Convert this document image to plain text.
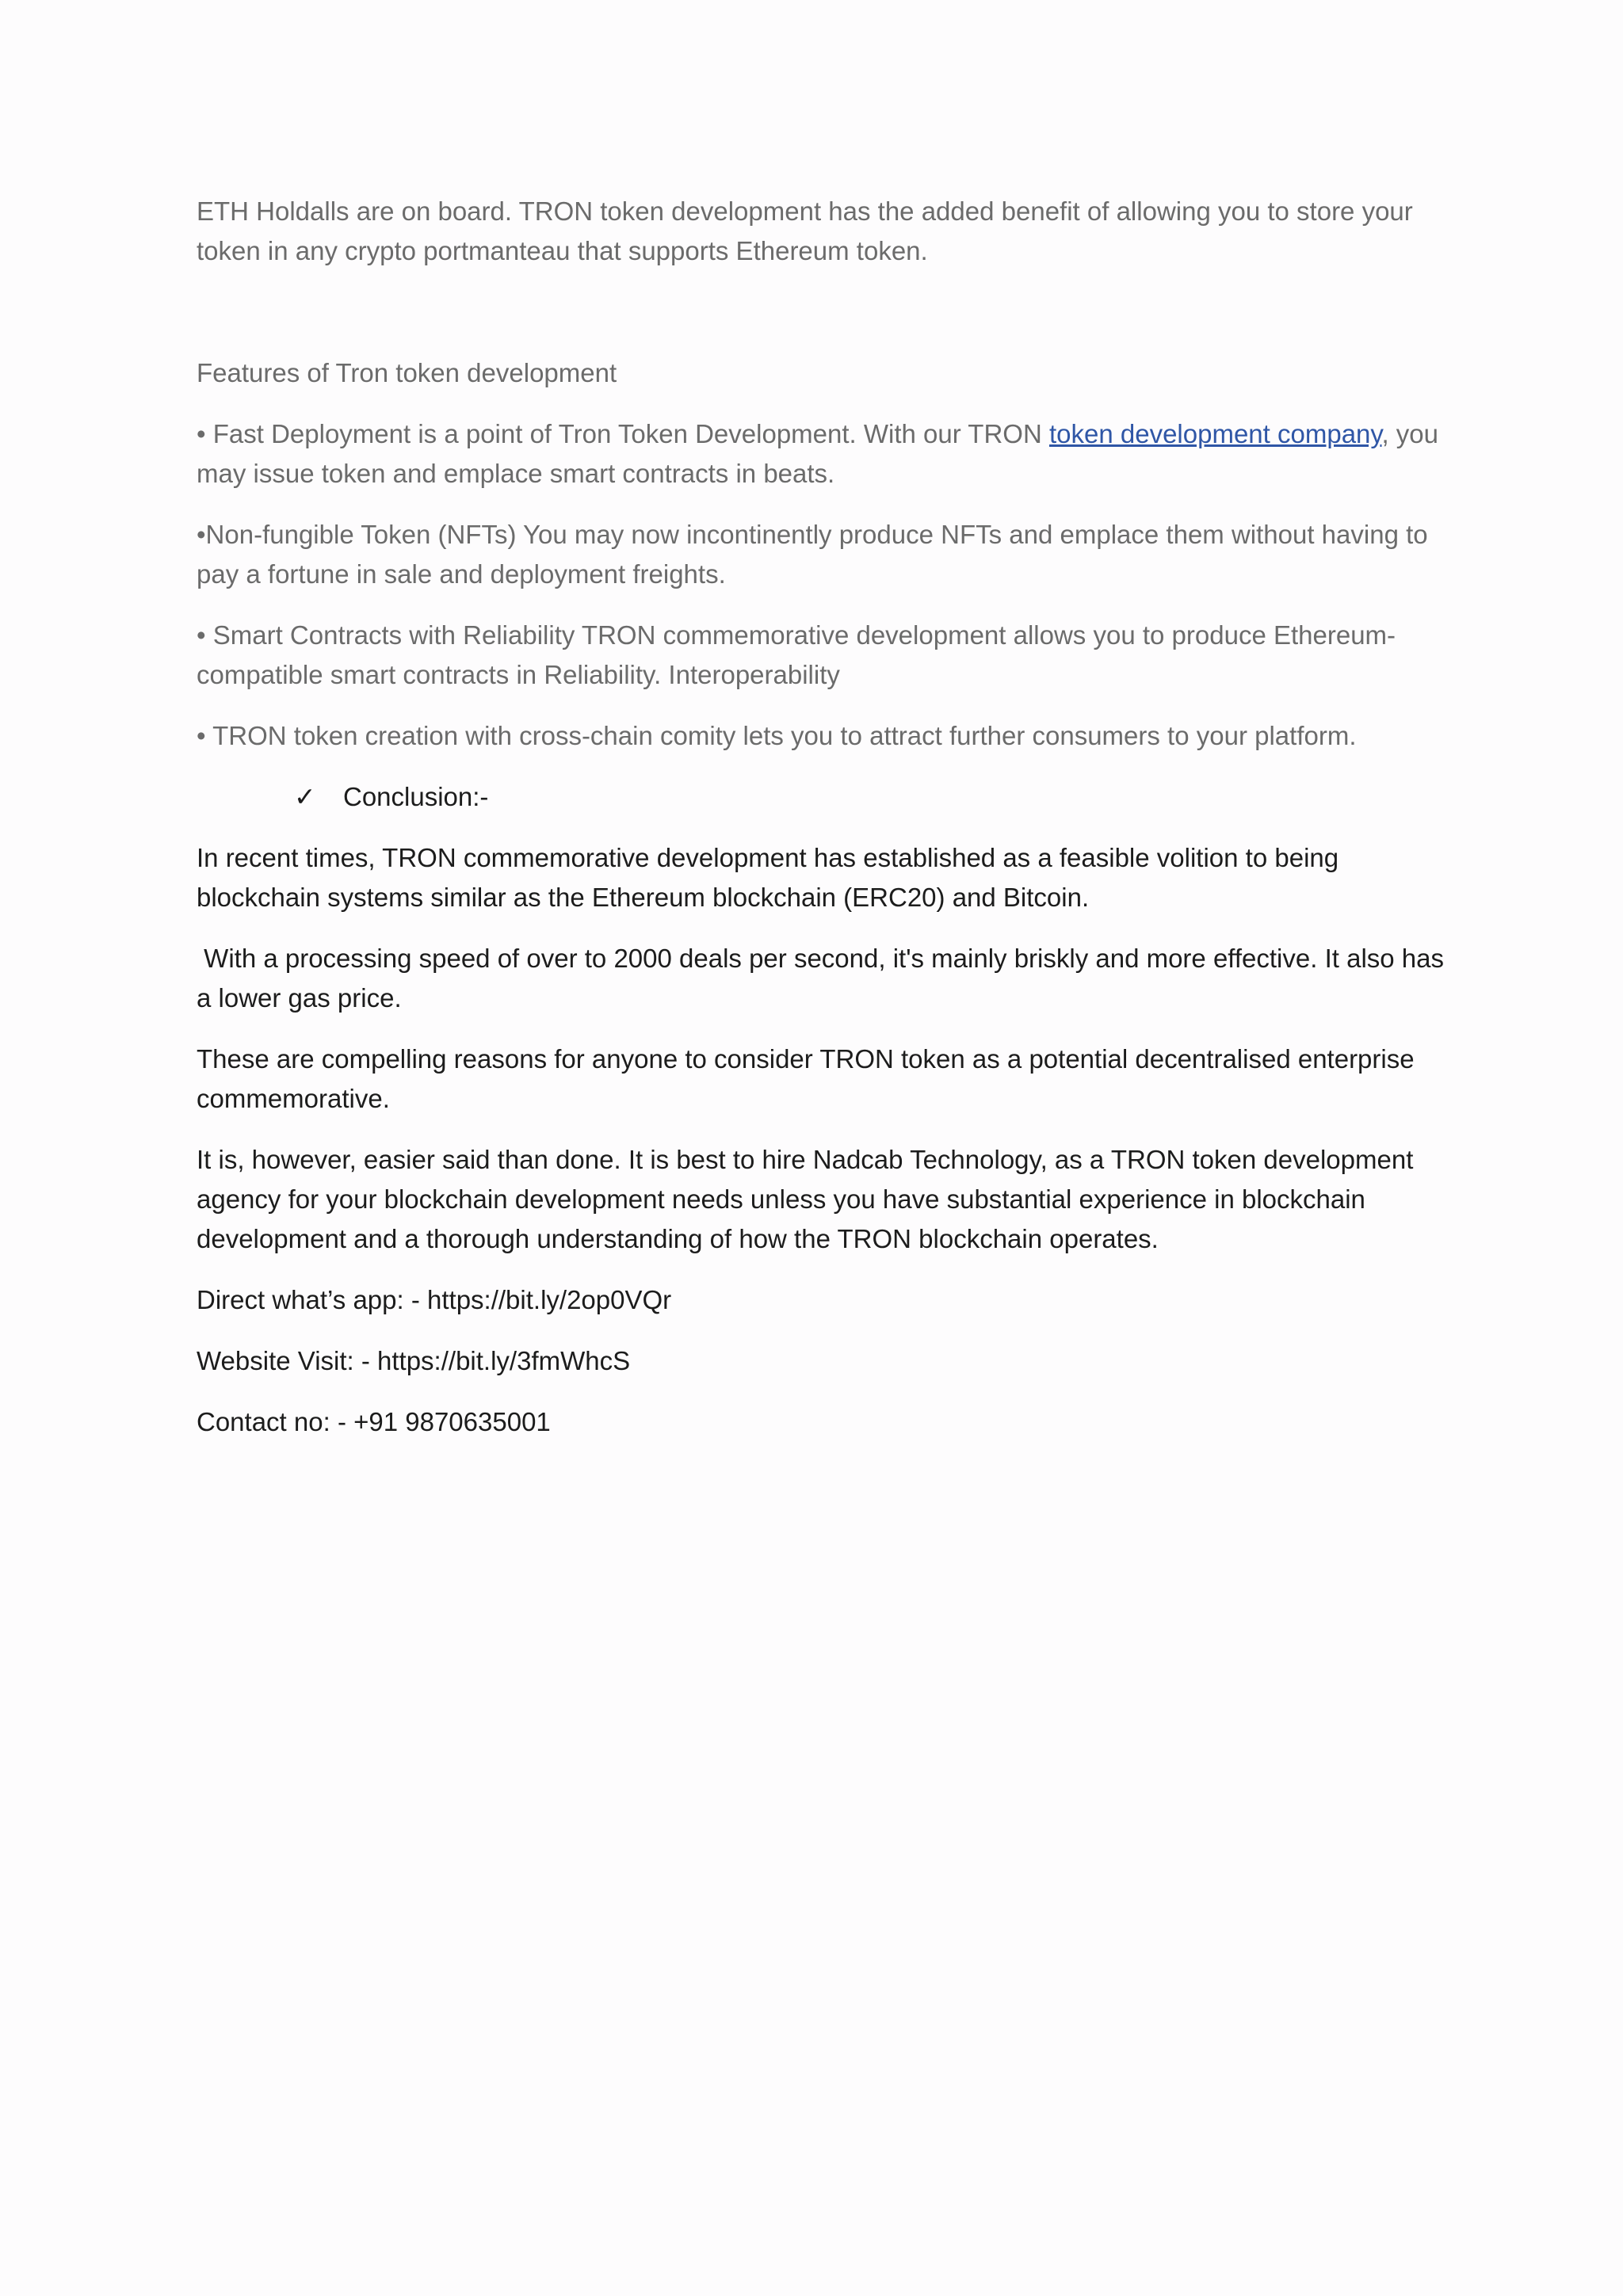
ETH Holdalls are on board. TRON token development has the added benefit of allowing you to store your token in any crypto portmanteau that supports Ethereum token.

Features of Tron token development

• Fast Deployment is a point of Tron Token Development. With our TRON token development company, you may issue token and emplace smart contracts in beats.

•Non-fungible Token (NFTs) You may now incontinently produce NFTs and emplace them without having to pay a fortune in sale and deployment freights.

• Smart Contracts with Reliability TRON commemorative development allows you to produce Ethereum-compatible smart contracts in Reliability. Interoperability

• TRON token creation with cross-chain comity lets you to attract further consumers to your platform.

✓ Conclusion:-

In recent times, TRON commemorative development has established as a feasible volition to being blockchain systems similar as the Ethereum blockchain (ERC20) and Bitcoin.

With a processing speed of over to 2000 deals per second, it's mainly briskly and more effective. It also has a lower gas price.

These are compelling reasons for anyone to consider TRON token as a potential decentralised enterprise commemorative.

It is, however, easier said than done. It is best to hire Nadcab Technology, as a TRON token development agency for your blockchain development needs unless you have substantial experience in blockchain development and a thorough understanding of how the TRON blockchain operates.

Direct what’s app: - https://bit.ly/2op0VQr

Website Visit: - https://bit.ly/3fmWhcS

Contact no: - +91 9870635001
